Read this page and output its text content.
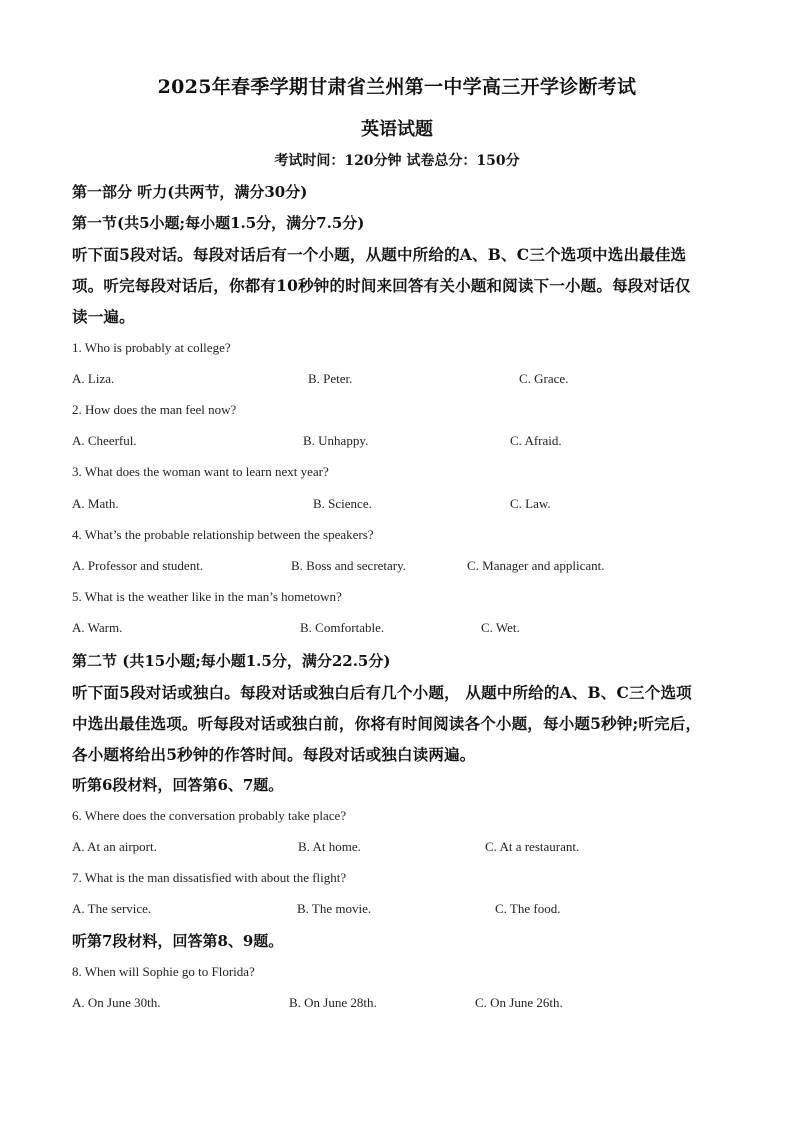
2025年春季学期甘肃省兰州第一中学高三开学诊断考试
英语试题
考试时间：120分钟 试卷总分：150分
第一部分 听力(共两节，满分30分)
第一节(共5小题;每小题1.5分，满分7.5分)
听下面5段对话。每段对话后有一个小题，从题中所给的A、B、C三个选项中选出最佳选
项。听完每段对话后，你都有10秒钟的时间来回答有关小题和阅读下一小题。每段对话仅
读一遍。
1. Who is probably at college?
A. Liza.	B. Peter.	C. Grace.
2. How does the man feel now?
A. Cheerful.	B. Unhappy.	C. Afraid.
3. What does the woman want to learn next year?
A. Math.	B. Science.	C. Law.
4. What’s the probable relationship between the speakers?
A. Professor and student.	B. Boss and secretary.	C. Manager and applicant.
5. What is the weather like in the man’s hometown?
A. Warm.	B. Comfortable.	C. Wet.
第二节 (共15小题;每小题1.5分，满分22.5分)
听下面5段对话或独白。每段对话或独白后有几个小题， 从题中所给的A、B、C三个选项
中选出最佳选项。听每段对话或独白前，你将有时间阅读各个小题，每小题5秒钟;听完后，
各小题将给出5秒钟的作答时间。每段对话或独白读两遍。
听第6段材料，回答第6、7题。
6. Where does the conversation probably take place?
A. At an airport.	B. At home.	C. At a restaurant.
7. What is the man dissatisfied with about the flight?
A. The service.	B. The movie.	C. The food.
听第7段材料，回答第8、9题。
8. When will Sophie go to Florida?
A. On June 30th.	B. On June 28th.	C. On June 26th.
